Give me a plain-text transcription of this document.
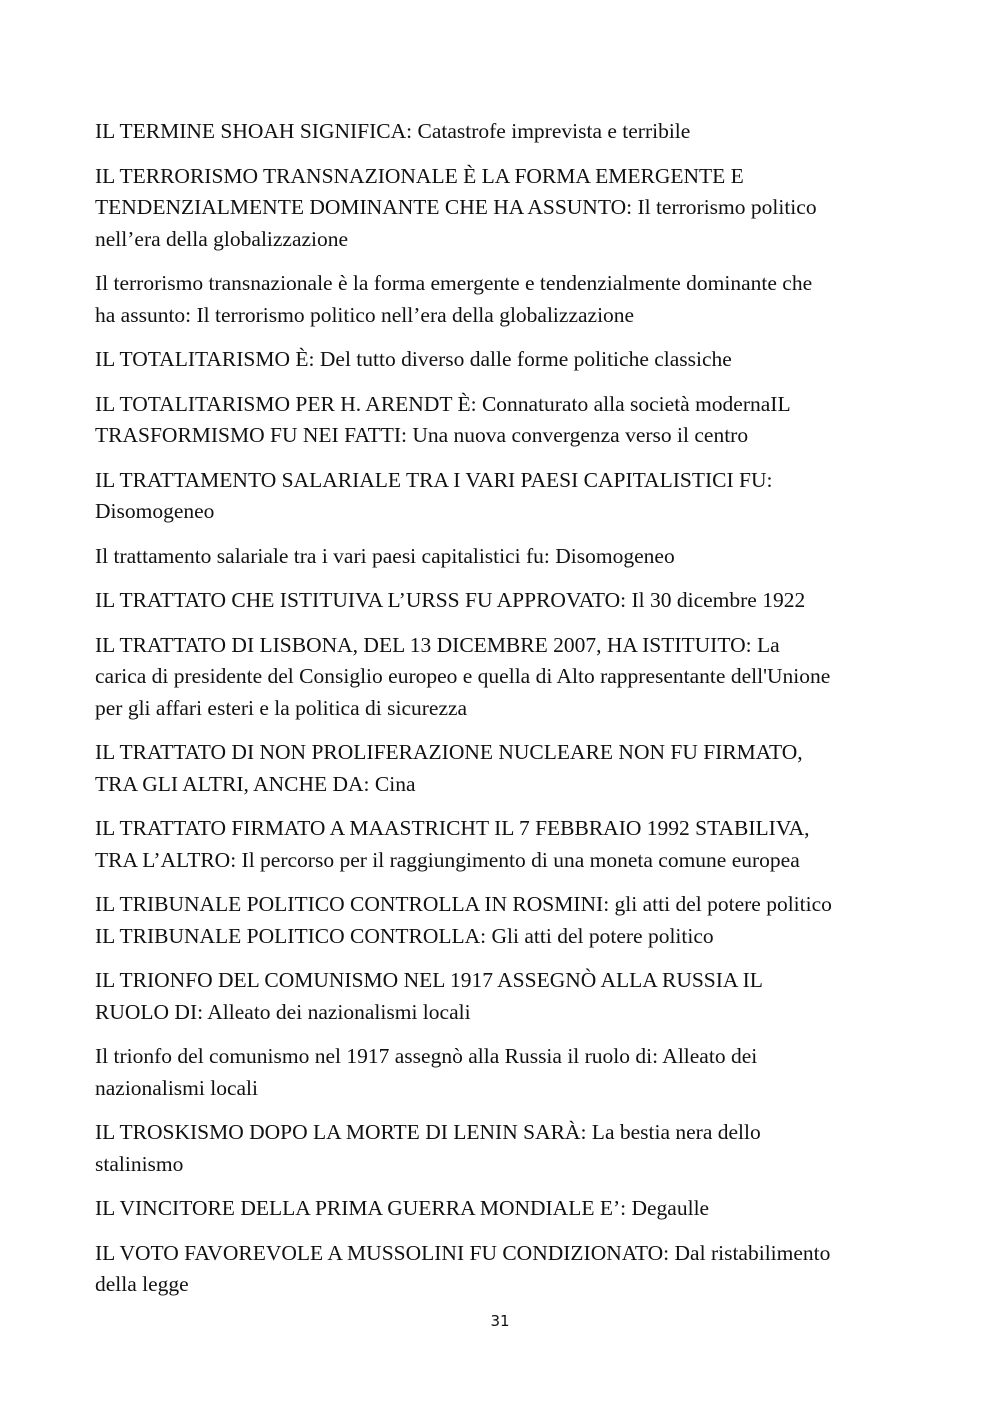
IL TERMINE SHOAH SIGNIFICA: Catastrofe imprevista e terribile
IL TERRORISMO TRANSNAZIONALE È LA FORMA EMERGENTE E
TENDENZIALMENTE DOMINANTE CHE HA ASSUNTO: Il terrorismo politico
nell’era della globalizzazione
Il terrorismo transnazionale è la forma emergente e tendenzialmente dominante che
ha assunto: Il terrorismo politico nell’era della globalizzazione
IL TOTALITARISMO È: Del tutto diverso dalle forme politiche classiche
IL TOTALITARISMO PER H. ARENDT È: Connaturato alla società modernaIL
TRASFORMISMO FU NEI FATTI: Una nuova convergenza verso il centro
IL TRATTAMENTO SALARIALE TRA I VARI PAESI CAPITALISTICI FU:
Disomogeneo
Il trattamento salariale tra i vari paesi capitalistici fu: Disomogeneo
IL TRATTATO CHE ISTITUIVA L’URSS FU APPROVATO: Il 30 dicembre 1922
IL TRATTATO DI LISBONA, DEL 13 DICEMBRE 2007, HA ISTITUITO: La
carica di presidente del Consiglio europeo e quella di Alto rappresentante dell'Unione
per gli affari esteri e la politica di sicurezza
IL TRATTATO DI NON PROLIFERAZIONE NUCLEARE NON FU FIRMATO,
TRA GLI ALTRI, ANCHE DA: Cina
IL TRATTATO FIRMATO A MAASTRICHT IL 7 FEBBRAIO 1992 STABILIVA,
TRA L’ALTRO: Il percorso per il raggiungimento di una moneta comune europea
IL TRIBUNALE POLITICO CONTROLLA IN ROSMINI: gli atti del potere politico
IL TRIBUNALE POLITICO CONTROLLA: Gli atti del potere politico
IL TRIONFO DEL COMUNISMO NEL 1917 ASSEGNÒ ALLA RUSSIA IL
RUOLO DI: Alleato dei nazionalismi locali
Il trionfo del comunismo nel 1917 assegnò alla Russia il ruolo di: Alleato dei
nazionalismi locali
IL TROSKISMO DOPO LA MORTE DI LENIN SARÀ: La bestia nera dello
stalinismo
IL VINCITORE DELLA PRIMA GUERRA MONDIALE E’: Degaulle
IL VOTO FAVOREVOLE A MUSSOLINI FU CONDIZIONATO: Dal ristabilimento
della legge
31
